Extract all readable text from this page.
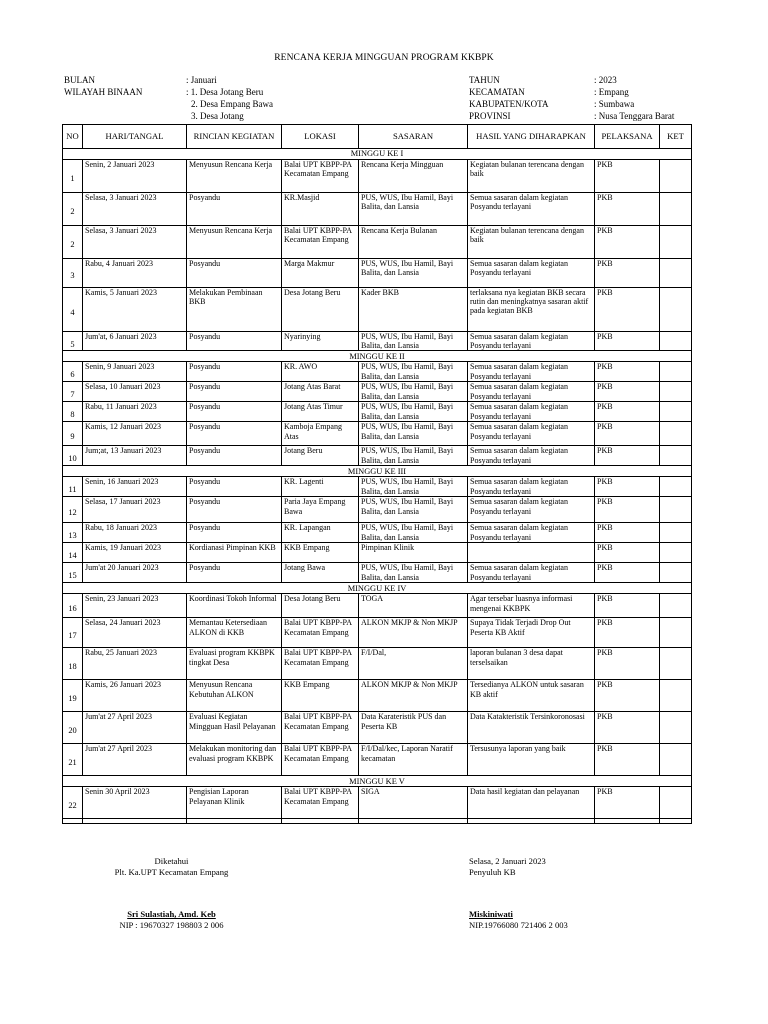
RENCANA KERJA MINGGUAN PROGRAM KKBPK
BULAN
WILAYAH BINAAN
: Januari
: 1. Desa Jotang Beru
2. Desa Empang Bawa
3. Desa Jotang
TAHUN
KECAMATAN
KABUPATEN/KOTA
PROVINSI
: 2023
: Empang
: Sumbawa
: Nusa Tenggara Barat
NO	HARI/TANGAL	RINCIAN KEGIATAN	LOKASI	SASARAN	HASIL YANG DIHARAPKAN	PELAKSANA	KET
MINGGU KE I							
1	Senin, 2 Januari 2023	Menyusun Rencana Kerja	Balai UPT KBPP-PA Kecamatan Empang	Rencana Kerja Mingguan	Kegiatan bulanan terencana dengan baik	PKB	
2	Selasa, 3 Januari 2023	Posyandu	KR.Masjid	PUS, WUS, Ibu Hamil, Bayi Balita, dan Lansia	Semua sasaran dalam kegiatan Posyandu terlayani	PKB	
2	Selasa, 3 Januari 2023	Menyusun Rencana Kerja	Balai UPT KBPP-PA Kecamatan Empang	Rencana Kerja Bulanan	Kegiatan bulanan terencana dengan baik	PKB	
3	Rabu, 4 Januari 2023	Posyandu	Marga Makmur	PUS, WUS, Ibu Hamil, Bayi Balita, dan Lansia	Semua sasaran dalam kegiatan Posyandu terlayani	PKB	
4	Kamis, 5 Januari 2023	Melakukan Pembinaan BKB	Desa Jotang Beru	Kader BKB	terlaksana nya kegiatan BKB secara rutin dan meningkatnya sasaran aktif pada kegiatan BKB	PKB	
5	Jum'at, 6 Januari 2023	Posyandu	Nyarinying	PUS, WUS, Ibu Hamil, Bayi Balita, dan Lansia	Semua sasaran dalam kegiatan Posyandu terlayani	PKB	
MINGGU KE II							
6	Senin, 9 Januari 2023	Posyandu	KR. AWO	PUS, WUS, Ibu Hamil, Bayi Balita, dan Lansia	Semua sasaran dalam kegiatan Posyandu terlayani	PKB	
7	Selasa, 10 Januari 2023	Posyandu	Jotang Atas Barat	PUS, WUS, Ibu Hamil, Bayi Balita, dan Lansia	Semua sasaran dalam kegiatan Posyandu terlayani	PKB	
8	Rabu, 11 Januari 2023	Posyandu	Jotang Atas Timur	PUS, WUS, Ibu Hamil, Bayi Balita, dan Lansia	Semua sasaran dalam kegiatan Posyandu terlayani	PKB	
9	Kamis, 12 Januari 2023	Posyandu	Kamboja Empang Atas	PUS, WUS, Ibu Hamil, Bayi Balita, dan Lansia	Semua sasaran dalam kegiatan Posyandu terlayani	PKB	
10	Jum;at, 13 Januari 2023	Posyandu	Jotang Beru	PUS, WUS, Ibu Hamil, Bayi Balita, dan Lansia	Semua sasaran dalam kegiatan Posyandu terlayani	PKB	
MINGGU KE III							
11	Senin, 16 Januari 2023	Posyandu	KR. Lagenti	PUS, WUS, Ibu Hamil, Bayi Balita, dan Lansia	Semua sasaran dalam kegiatan Posyandu terlayani	PKB	
12	Selasa, 17 Januari 2023	Posyandu	Paria Jaya Empang Bawa	PUS, WUS, Ibu Hamil, Bayi Balita, dan Lansia	Semua sasaran dalam kegiatan Posyandu terlayani	PKB	
13	Rabu, 18 Januari 2023	Posyandu	KR. Lapangan	PUS, WUS, Ibu Hamil, Bayi Balita, dan Lansia	Semua sasaran dalam kegiatan Posyandu terlayani	PKB	
14	Kamis, 19 Januari 2023	Kordianasi Pimpinan KKB	KKB Empang	Pimpinan Klinik		PKB	
15	Jum'at 20 Januari 2023	Posyandu	Jotang Bawa	PUS, WUS, Ibu Hamil, Bayi Balita, dan Lansia	Semua sasaran dalam kegiatan Posyandu terlayani	PKB	
MINGGU KE IV							
16	Senin, 23 Januari 2023	Koordinasi Tokoh Informal	Desa Jotang Beru	TOGA	Agar tersebar luasnya informasi mengenai KKBPK	PKB	
17	Selasa, 24 Januari 2023	Memantau Ketersediaan ALKON di KKB	Balai UPT KBPP-PA Kecamatan Empang	ALKON MKJP & Non MKJP	Supaya Tidak Terjadi Drop Out Peserta KB Aktif	PKB	
18	Rabu, 25 Januari 2023	Evaluasi program KKBPK tingkat Desa	Balai UPT KBPP-PA Kecamatan Empang	F/I/Dal,	laporan bulanan 3 desa dapat terselsaikan	PKB	
19	Kamis, 26 Januari 2023	Menyusun Rencana Kebutuhan ALKON	KKB Empang	ALKON MKJP & Non MKJP	Tersedianya ALKON untuk sasaran KB aktif	PKB	
20	Jum'at 27 April 2023	Evaluasi Kegiatan Mingguan Hasil Pelayanan	Balai UPT KBPP-PA Kecamatan Empang	Data Karateristik PUS dan Peserta KB	Data Katakteristik Tersinkoronosasi	PKB	
21	Jum'at 27 April 2023	Melakukan monitoring dan evaluasi program KKBPK	Balai UPT KBPP-PA Kecamatan Empang	F/I/Dal/kec, Laporan Naratif kecamatan	Tersusunya laporan yang baik	PKB	
MINGGU KE V							
22	Senin 30 April 2023	Pengisian Laporan Pelayanan Klinik	Balai UPT KBPP-PA Kecamatan Empang	SIGA	Data hasil kegiatan dan pelayanan	PKB	

Diketahui
Plt. Ka.UPT Kecamatan Empang
Sri Sulastiah, Amd. Keb
NIP : 19670327 198803 2 006
Selasa, 2 Januari 2023
Penyuluh KB
Miskiniwati
NIP.19766080 721406 2 003
